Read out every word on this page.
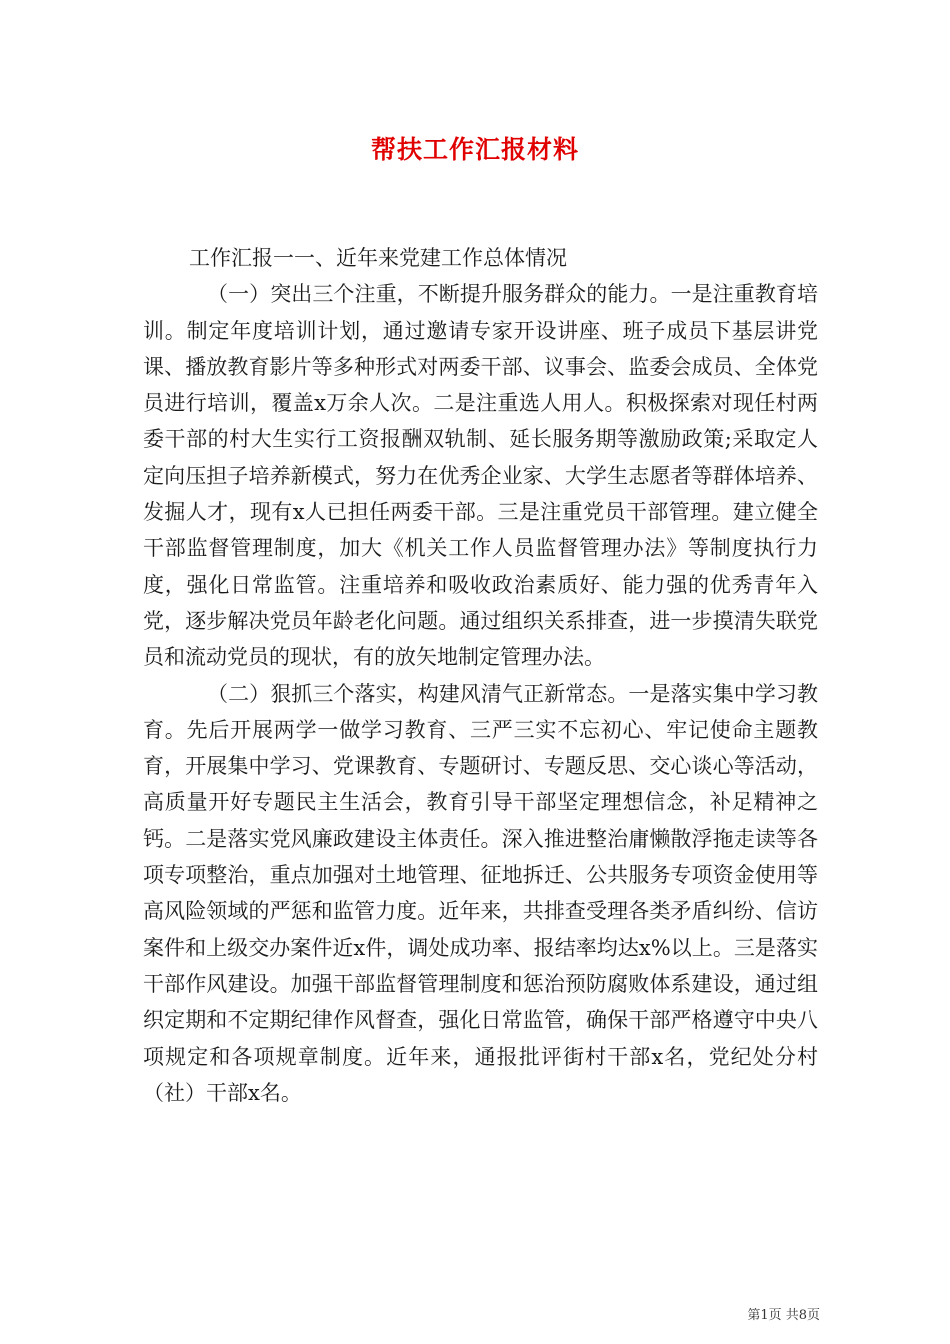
帮扶工作汇报材料

工作汇报一一、近年来党建工作总体情况

（一）突出三个注重，不断提升服务群众的能力。一是注重教育培训。制定年度培训计划，通过邀请专家开设讲座、班子成员下基层讲党课、播放教育影片等多种形式对两委干部、议事会、监委会成员、全体党员进行培训，覆盖x万余人次。二是注重选人用人。积极探索对现任村两委干部的村大生实行工资报酬双轨制、延长服务期等激励政策;采取定人定向压担子培养新模式，努力在优秀企业家、大学生志愿者等群体培养、发掘人才，现有x人已担任两委干部。三是注重党员干部管理。建立健全干部监督管理制度，加大《机关工作人员监督管理办法》等制度执行力度，强化日常监管。注重培养和吸收政治素质好、能力强的优秀青年入党，逐步解决党员年龄老化问题。通过组织关系排查，进一步摸清失联党员和流动党员的现状，有的放矢地制定管理办法。

（二）狠抓三个落实，构建风清气正新常态。一是落实集中学习教育。先后开展两学一做学习教育、三严三实不忘初心、牢记使命主题教育，开展集中学习、党课教育、专题研讨、专题反思、交心谈心等活动，高质量开好专题民主生活会，教育引导干部坚定理想信念，补足精神之钙。二是落实党风廉政建设主体责任。深入推进整治庸懒散浮拖走读等各项专项整治，重点加强对土地管理、征地拆迁、公共服务专项资金使用等高风险领域的严惩和监管力度。近年来，共排查受理各类矛盾纠纷、信访案件和上级交办案件近x件，调处成功率、报结率均达x%以上。三是落实干部作风建设。加强干部监督管理制度和惩治预防腐败体系建设，通过组织定期和不定期纪律作风督查，强化日常监管，确保干部严格遵守中央八项规定和各项规章制度。近年来，通报批评街村干部x名，党纪处分村（社）干部x名。

第1页 共8页
